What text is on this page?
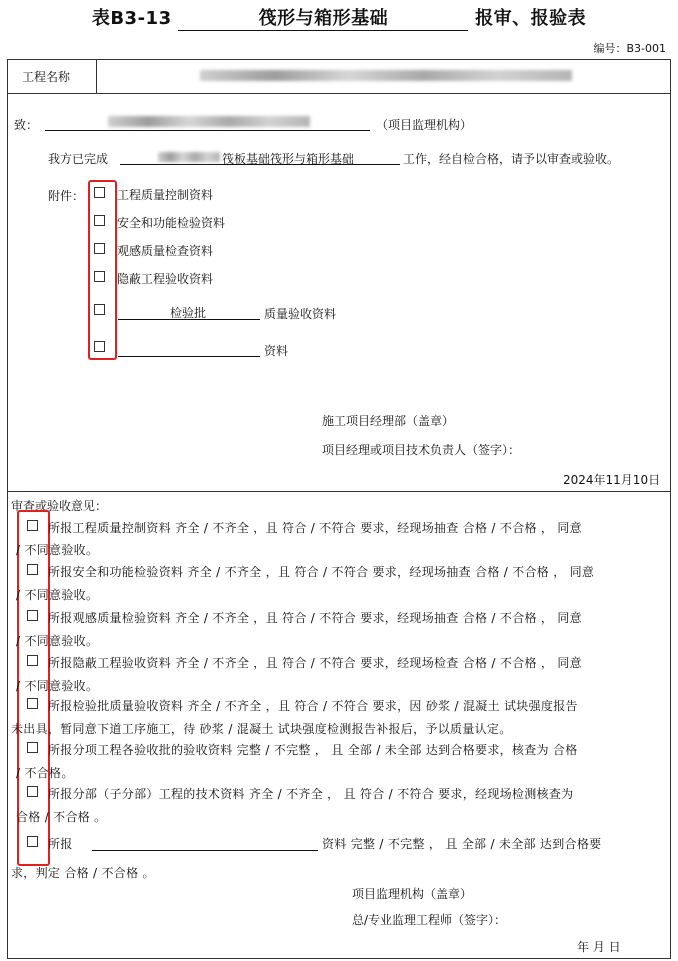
表B3-13	筏形与箱形基础	报审、报验表
编号：B3-001
工程名称
致：	（项目监理机构）
我方已完成	筏板基础筏形与箱形基础	工作，经自检合格，请予以审查或验收。
附件：	工程质量控制资料
安全和功能检验资料
观感质量检查资料
隐蔽工程验收资料
检验批	质量验收资料
资料
施工项目经理部（盖章）
项目经理或项目技术负责人（签字）：
2024年11月10日
审查或验收意见：
所报工程质量控制资料 齐全 / 不齐全 ，且 符合 / 不符合 要求，经现场抽查 合格 / 不合格 ， 同意
/ 不同意验收。
所报安全和功能检验资料 齐全 / 不齐全 ，且 符合 / 不符合 要求，经现场抽查 合格 / 不合格 ， 同意
/ 不同意验收。
所报观感质量检验资料 齐全 / 不齐全 ，且 符合 / 不符合 要求，经现场抽查 合格 / 不合格 ， 同意
/ 不同意验收。
所报隐蔽工程验收资料 齐全 / 不齐全 ，且 符合 / 不符合 要求，经现场检查 合格 / 不合格 ， 同意
/ 不同意验收。
所报检验批质量验收资料 齐全 / 不齐全 ，且 符合 / 不符合 要求，因 砂浆 / 混凝土 试块强度报告
未出具，暂同意下道工序施工，待 砂浆 / 混凝土 试块强度检测报告补报后，予以质量认定。
所报分项工程各验收批的验收资料 完整 / 不完整 ， 且 全部 / 未全部 达到合格要求，核查为 合格
/ 不合格。
所报分部（子分部）工程的技术资料 齐全 / 不齐全 ， 且 符合 / 不符合 要求，经现场检测核查为
合格 / 不合格 。
所报	资料 完整 / 不完整 ， 且 全部 / 未全部 达到合格要
求，判定 合格 / 不合格 。
项目监理机构（盖章）
总/专业监理工程师（签字）：
年 月 日
